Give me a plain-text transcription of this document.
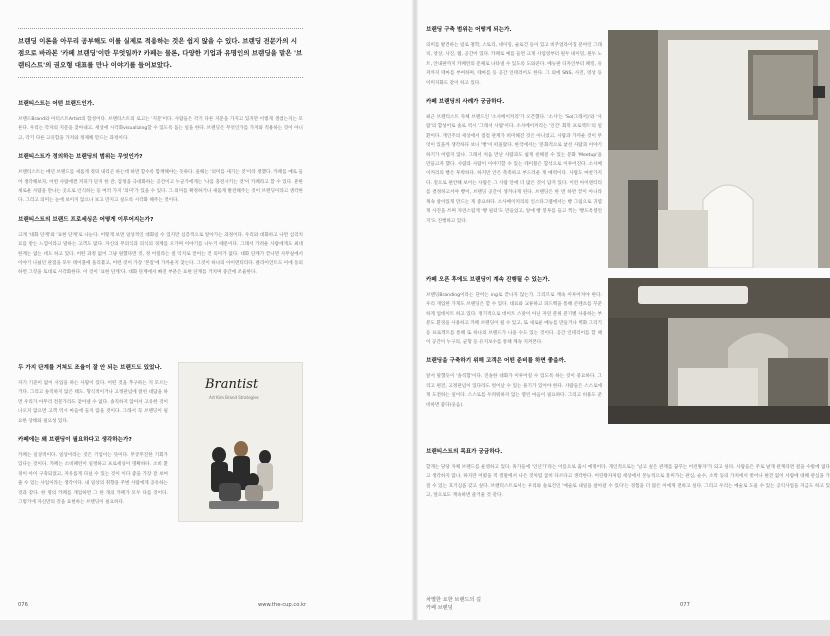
브랜딩 이론을 아무리 공부해도 이를 실제로 적용하는 것은 쉽지 않을 수 있다. 브랜딩 전문가의 시점으로 바라본 '카페 브랜딩'이란 무엇일까? 카페는 물론, 다양한 기업과 유명인의 브랜딩을 맡은 '브랜티스트'의 권오형 대표를 만나 이야기를 들어보았다.
브랜티스트는 어떤 브랜드인가.
브랜드Brand와 아티스트Artist의 합성어다. 브랜티스트의 로고는 '지문'이다. 사람들은 각기 다른 지문을 가지고 있지만 이렇게 생겼는지는 모른다. 우리는 각자의 지문을 찾아내고, 세상에 시각화visualizing할 수 있도록 돕는 일을 한다. 브랜딩은 무엇인가를 가져와 적용하는 것이 아니고, 각기 다른 고유함을 가져와 정제해 만드는 과정이다.
브랜티스트가 정의하는 브랜딩의 범위는 무엇인가?
브랜티스트는 매년 브랜드를 새롭게 정의 내리곤 하는데 하면 할수록 함께해야는 듯하다. 올해는 '의미를 새기는 것'이라 정했다. 카페를 예로 들어 생각해보자, 어떤 사람에겐 커피가 단지 한 잔, 감정을 극대화하는 공간이고 누군가에게는 '나를 충전시키는 것'이 카페라고 할 수 있다. 흔한 새로운 사람을 만나는 곳으로 인식하는 등 여러 가지 '의미'가 있을 수 있다. 그 의미를 확정하거나 새롭게 발견해주는 것이 브랜딩이라고 생각한다. 그리고 의미는 눈에 보이지 않으나 보고 만지고 실도록 시각화 해주는 것이다.
브랜티스트의 브랜드 프로세싱은 어떻게 이루어지는가?
크게 '대화 단계'와 '표현 단계'로 나눈다. 어떻게 보면 일상적인 대화일 수 있지만 심층적으로 알아가는 과정이다. 우리와 대화하고 나면 심리치료를 받는 느낌이라고 말하는 고객도 많다. 자신의 무의식과 의식의 경계를 오가며 이야기를 나누기 때문이다. 그래서 가려운 사람에게도 최대 한계는 없는 데도 하고 있다. 어떤 과정 없이 그냥 원했다면 것, 정 어릴라는 걸 익지로 꿀어는 건 의미가 없다. 대화 단계가 끝나면 사무실에서 이야기 나눴던 관점을 모두 테이블에 올리붙고, 어떤 것이 가장 '본질'에 가까운지 찾는다. 그것이 하나의 아이덴티티다. 클라이언트도 이에 동의하면 그것을 토대로 시각화한다. 이 것이 '표현 단계'다. 대화 단계에서 빠진 부분은 표현 단계를 거치며 중간에 조율한다.
두 가지 단계를 거쳐도 조율이 잘 안 되는 브랜드도 있었나.
자기 기준이 없이 사업을 하는 사람이 있다. 어떤 것을 추구하는 지 모르는 거다. 그리고 솔직하지 않은 태도. 형식적이거나 고정관념에 얽힌 대답을 하면 우리가 아무리 전문가라도 찾아낼 수 없다. 솔직하지 않아서 고유한 것이 나오지 않으면 고객 역시 마음에 들지 않을 것이다. 그래서 꼭 브랜딩이 필요한 상태와 필요성 있다.
카페에는 왜 브랜딩이 필요하다고 생각하는가?
카페는 일상적이다. 일상이라는 것은 기업이는 뜻이다. 무궁무진한 기회가 있다는 것이다. 카페는 소비패턴이 일정하고 프로세싱이 명확하다. 소비 환경이 아이 구축되었고, 자유롭게 다닐 수 있는 것이 이다 좋을 가장 잘 보여줄 수 있는 사업이라는 생각이다. 내 일상의 취향을 주변 사람에게 공유하는 것과 같다. 한 명의 카페를 개업하면 그 한 개의 카페가 모두 다를 것이다. 그렇기에 자신만의 것을 표현하는 브랜딩이 필요하다.
Brantist
Art Kim Brand Strategies
076	www.the-cup.co.kr
브랜딩 구축 범위는 어떻게 되는가.
의미를 발견하는 일로 철학, 스토리, 네이밍, 슬로건 등이 있고 비주얼라이징 분야인 그래픽, 영상, 사진, 웹, 공간이 있다. 카페로 예를 들면 크게 사업영부터 원두 네이밍, 원두 노트, 안내판까지 카페만의 문체로 나타낼 수 있도록 도와준다. 메뉴판 디자인부터 패킹, 유저까지 테마를 부여하며, 테마를 등 공간 인테리어도 한다. 그 외에 SNS, 사진, 영상 등 이미지화도 같이 하고 있다.
카페 브랜딩의 사례가 궁금하다.
최근 브랜티스트 자체 브랜드인 '소사베이커리'가 오픈했다. '소사'는 'So(그래서)'와 '사람'의 합성어로 솔로 역시 '그래서 사람'이다. 소사베이커리는 '인간' 회복 프로젝트'의 일환이다. 개인주의 세상에서 점점 관계가 희미해진 것은 아니었고, 사람과 가까운 것이 무엇이 있을까 생각하다 보니 '빵'이 떠올랐다. 한국에서는 '문화적으로 낯선 사람과 이야기하기가 어렵지 않나. 그래서 처음 만난 사람과도 쉽게 친해질 수 있는 문화 'Meetup'을 만들고자 했다. 사람과 사람이 이야기할 수 있는 테이블은 합석으로 이루어진다. 소사베이커리의 빵은 투박하다. 하지만 안은 촉촉하고 부드러운 게 매력이다. 사람도 마찬가지다. 겉으로 편안해 보이는 사람은 그 사람 안에 더 많은 것이 담겨 있다. 이런 아이덴티티를 결정하고서야 빵이, 브랜딩 공간이 생겨나게 된다. 브랜딩은 한 번 하면 끝이 아니라 계속 살아있게 만드는 게 중요하다. 소사베이커리의 인스타그램에서는 빵 그림으로 귀엽게 사진을 쓰며 자연스럽게 '빵 필터'도 만들었고, 앞에 빵 봉투를 들고 찍는 '빵도옥셀린지'도 진행하고 있다.
카페 오픈 후에도 브랜딩이 계속 진행될 수 있는가.
브랜딩Branding이라는 단어는 ing로 끝나지 않는가. 그리므로 계속 이루어져야 한다. 우리 개업한 가게도 브랜딩은 할 수 있다. 대표와 교류하고 피드백을 통해 콘텐츠를 꾸준하게 업데이트 하고 있다. 정기적으로 데이트 스팟이 아닌 자연 분위 분기별 사용하는 부분도 환경을 사용하고 카페 브랜딩이 될 수 있고, 또 새로운 메뉴를 만들거나 벽화 그리기 등 프로젝트를 통해 또 하나의 브랜드가 나올 수도 있는 것이다. 공간 인테리어를 할 때 이 공간이 누구의, 균형 등 유지보수를 통해 계속 지켜본다.
브랜딩을 구축하기 위해 고객은 어떤 준비를 하면 좋을까.
앞서 말했듯이 '솔직함'이다. 진솔한 대화가 이루어질 수 있도록 하는 것이 중요하다. 그리고 편견, 고정관념이 있다라도 벗어날 수 있는 용기가 있어야 한다. 사람들은 스스로에게 도전하는 일이다. 스스로를 두려워하지 않는 열린 마음이 필요하다. 그리고 비용도 준비하면 좋다(웃음).
브랜티스트의 목표가 궁금하다.
할게는 당당 자체 브랜드를 운영하고 있다. 휴가들에 '인산가'라는 이름으로 출시 예정이다. 개인적으로는 '날고 싶은 관계를 꿈꾸는 어린왕자'가 되고 싶다. 사람들은 주로 낱개 관계라면 걸을 수밖에 없다고 생각하지 않나. 하지만 어렸을 적 결말에서 나은 것처럼 굽히 다르다고 생각한다. 어린왕자처럼 세상에서 본능적으로 흥미가는 관심, 순수, 소박 등의 가치에서 벗어나 편견 없이 사람에 대해 관심을 가질 수 있는 호기심을 갖고 싶다. 브랜티스트로서는 우리와 솔로건인 '예술로 내일을 살아갈 수 있다'는 경험을 더 많은 이에게 전하고 싶다. 그리고 우리는 예술로 도울 수 있는 공익사업을 지금도 하고 있고, 앞으로도 계속하면 즐거울 것 같다.
차별한 요한 브랜드의 길
카페 브랜딩	077
